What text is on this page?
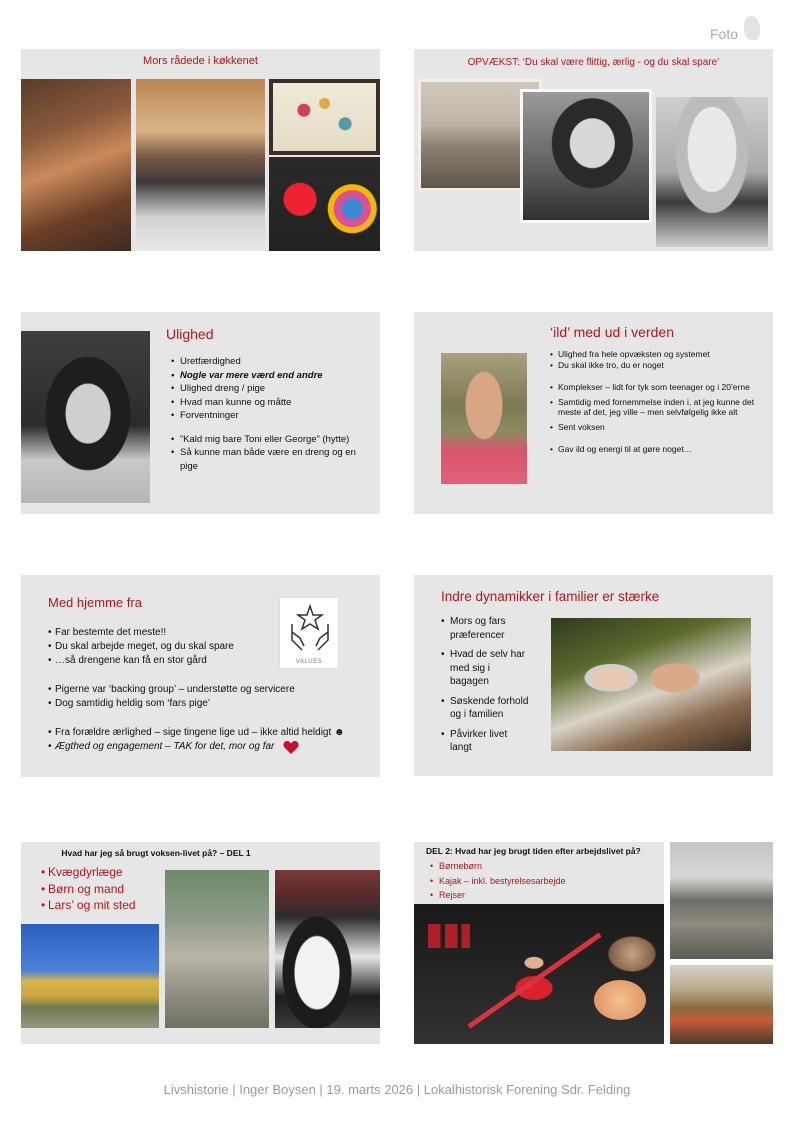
Foto
Mors rådede i køkkenet	OPVÆKST: ‘Du skal være flittig, ærlig - og du skal spare’
Ulighed
• Uretfærdighed
• Nogle var mere værd end andre
• Ulighed dreng / pige
• Hvad man kunne og måtte
• Forventninger
• ”Kald mig bare Toni eller George” (hytte)
• Så kunne man både være en dreng og en pige
‘ild’ med ud i verden
• Ulighed fra hele opvæksten og systemet
• Du skal ikke tro, du er noget
• Komplekser – lidt for tyk som teenager og i 20’erne
• Samtidig med fornemmelse inden i, at jeg kunne det meste af det, jeg ville – men selvfølgelig ikke alt
• Sent voksen
• Gav ild og energi til at gøre noget…
Med hjemme fra
VALUES
• Far bestemte det meste!!
• Du skal arbejde meget, og du skal spare
• …så drengene kan få en stor gård
• Pigerne var ‘backing group’ – understøtte og servicere
• Dog samtidig heldig som ‘fars pige’
• Fra forældre ærlighed – sige tingene lige ud – ikke altid heldigt ☻
• Ægthed og engagement – TAK for det, mor og far
Indre dynamikker i familier er stærke
• Mors og fars præferencer
• Hvad de selv har med sig i bagagen
• Søskende forhold og i familien
• Påvirker livet langt
Hvad har jeg så brugt voksen-livet på? – DEL 1
• Kvægdyrlæge
• Børn og mand
• Lars’ og mit sted
DEL 2: Hvad har jeg brugt tiden efter arbejdslivet på?
• Børnebørn
• Kajak – inkl. bestyrelsesarbejde
• Rejser
Livshistorie | Inger Boysen | 19. marts 2026 | Lokalhistorisk Forening Sdr. Felding
